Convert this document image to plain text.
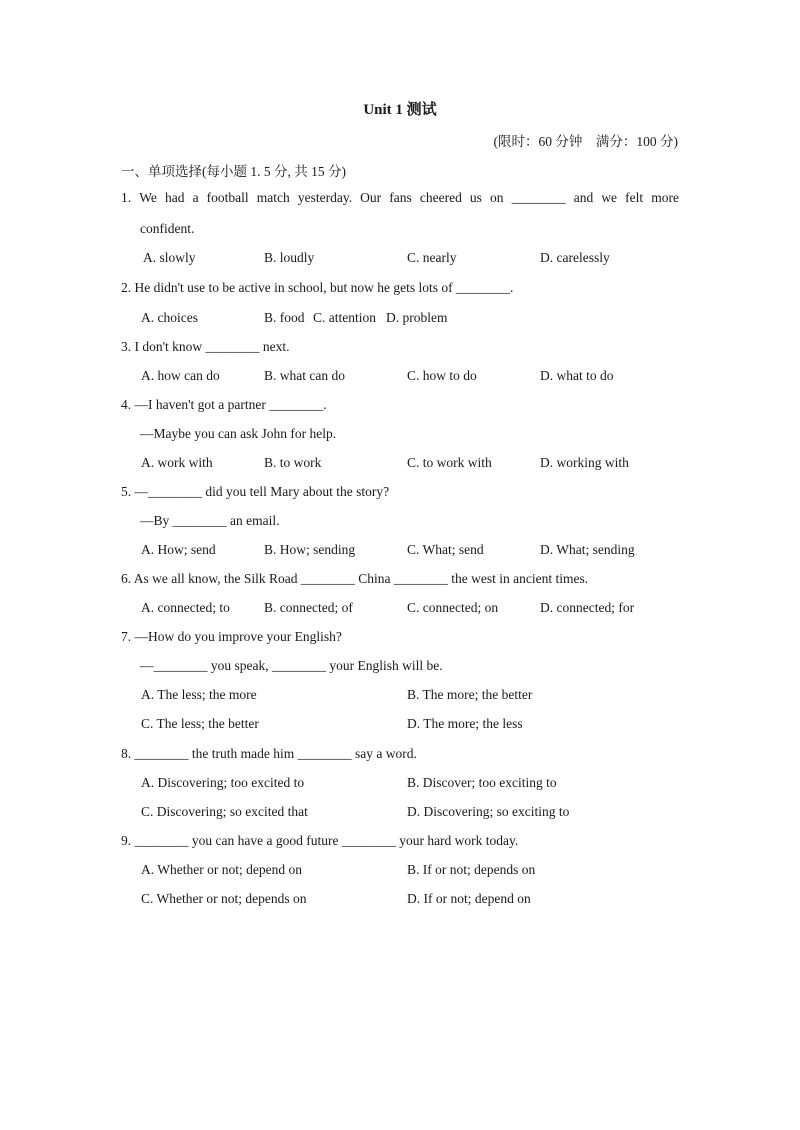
Unit 1 测试
(限时：60 分钟　满分：100 分)
一、单项选择(每小题 1. 5 分, 共 15 分)
1. We had a football match yesterday. Our fans cheered us on ________ and we felt more
confident.
A. slowly	B. loudly	C. nearly	D. carelessly
2. He didn't use to be active in school, but now he gets lots of ________.
A. choices	B. food C. attention D. problem
3. I don't know ________ next.
A. how can do	B. what can do	C. how to do	D. what to do
4. —I haven't got a partner ________.
—Maybe you can ask John for help.
A. work with	B. to work	C. to work with	D. working with
5. —________ did you tell Mary about the story?
—By ________ an email.
A. How; send	B. How; sending	C. What; send	D. What; sending
6. As we all know, the Silk Road ________ China ________ the west in ancient times.
A. connected; to	B. connected; of	C. connected; on	D. connected; for
7. —How do you improve your English?
—________ you speak, ________ your English will be.
A. The less; the more	B. The more; the better
C. The less; the better	D. The more; the less
8. ________ the truth made him ________ say a word.
A. Discovering; too excited to	B. Discover; too exciting to
C. Discovering; so excited that	D. Discovering; so exciting to
9. ________ you can have a good future ________ your hard work today.
A. Whether or not; depend on	B. If or not; depends on
C. Whether or not; depends on	D. If or not; depend on
